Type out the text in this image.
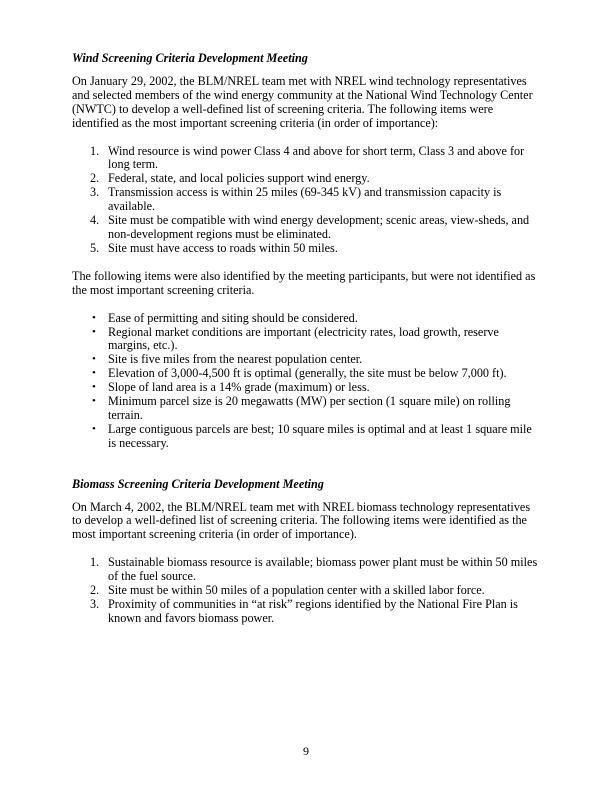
Wind Screening Criteria Development Meeting

On January 29, 2002, the BLM/NREL team met with NREL wind technology representatives and selected members of the wind energy community at the National Wind Technology Center (NWTC) to develop a well-defined list of screening criteria. The following items were identified as the most important screening criteria (in order of importance):

1. Wind resource is wind power Class 4 and above for short term, Class 3 and above for long term.
2. Federal, state, and local policies support wind energy.
3. Transmission access is within 25 miles (69-345 kV) and transmission capacity is available.
4. Site must be compatible with wind energy development; scenic areas, view-sheds, and non-development regions must be eliminated.
5. Site must have access to roads within 50 miles.

The following items were also identified by the meeting participants, but were not identified as the most important screening criteria.

• Ease of permitting and siting should be considered.
• Regional market conditions are important (electricity rates, load growth, reserve margins, etc.).
• Site is five miles from the nearest population center.
• Elevation of 3,000-4,500 ft is optimal (generally, the site must be below 7,000 ft).
• Slope of land area is a 14% grade (maximum) or less.
• Minimum parcel size is 20 megawatts (MW) per section (1 square mile) on rolling terrain.
• Large contiguous parcels are best; 10 square miles is optimal and at least 1 square mile is necessary.

Biomass Screening Criteria Development Meeting

On March 4, 2002, the BLM/NREL team met with NREL biomass technology representatives to develop a well-defined list of screening criteria. The following items were identified as the most important screening criteria (in order of importance).

1. Sustainable biomass resource is available; biomass power plant must be within 50 miles of the fuel source.
2. Site must be within 50 miles of a population center with a skilled labor force.
3. Proximity of communities in “at risk” regions identified by the National Fire Plan is known and favors biomass power.
9
